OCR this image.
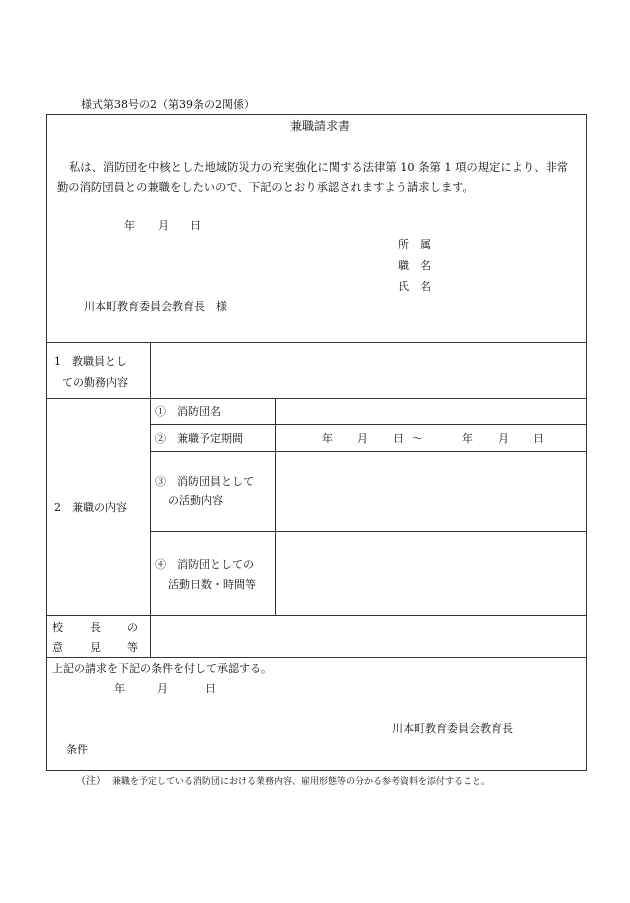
様式第38号の2（第39条の2関係）
兼職請求書
私は、消防団を中核とした地域防災力の充実強化に関する法律第 10 条第 1 項の規定により、非常勤の消防団員との兼職をしたいので、下記のとおり承認されますよう請求します。
年 月 日
所　属
職　名
氏　名
川本町教育委員会教育長　様
1　教職員とし
ての勤務内容
2　兼職の内容
①　消防団名
②　兼職予定期間	年 月 日 ～	年 月 日
③　消防団員として
の活動内容
④　消防団としての
活動日数・時間等
校 長 の
意 見 等
上記の請求を下記の条件を付して承認する。
年	月	日
川本町教育委員会教育長
条件
（注） 兼職を予定している消防団における業務内容、雇用形態等の分かる参考資料を添付すること。
